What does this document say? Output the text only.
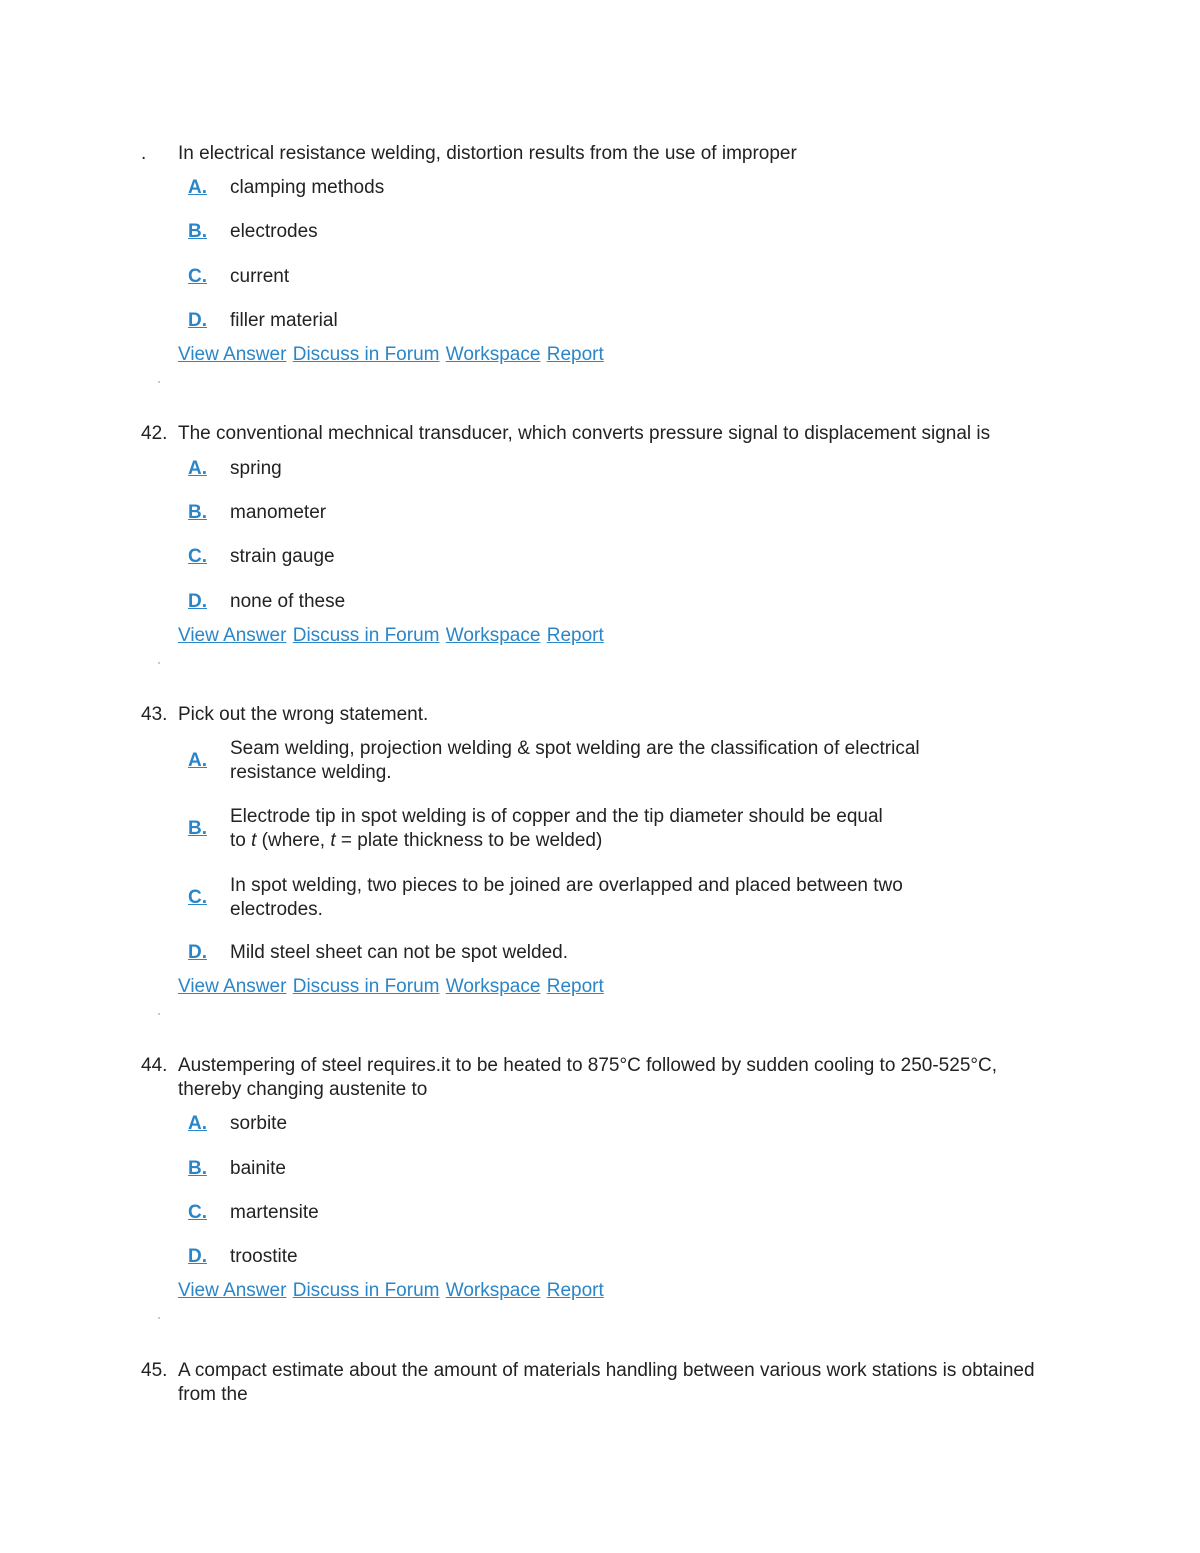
. In electrical resistance welding, distortion results from the use of improper
A. clamping methods
B. electrodes
C. current
D. filler material
View Answer Discuss in Forum Workspace Report
42. The conventional mechnical transducer, which converts pressure signal to displacement signal is
A. spring
B. manometer
C. strain gauge
D. none of these
View Answer Discuss in Forum Workspace Report
43. Pick out the wrong statement.
A.
Seam welding, projection welding & spot welding are the classification of electrical resistance welding.
B.
Electrode tip in spot welding is of copper and the tip diameter should be equal
to t (where, t = plate thickness to be welded)
C.
In spot welding, two pieces to be joined are overlapped and placed between two electrodes.
D. Mild steel sheet can not be spot welded.
View Answer Discuss in Forum Workspace Report
44. Austempering of steel requires.it to be heated to 875°C followed by sudden cooling to 250-525°C, thereby changing austenite to
A. sorbite
B. bainite
C. martensite
D. troostite
View Answer Discuss in Forum Workspace Report
45. A compact estimate about the amount of materials handling between various work stations is obtained from the
